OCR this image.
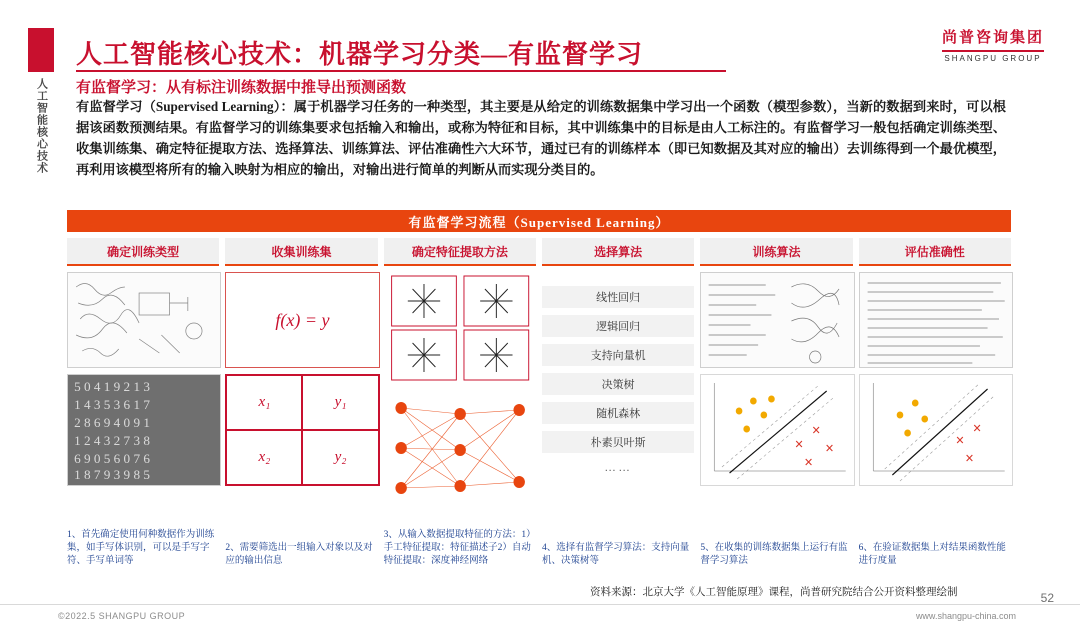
人工智能核心技术
人工智能核心技术：机器学习分类—有监督学习
有监督学习：从有标注训练数据中推导出预测函数
尚普咨询集团
SHANGPU GROUP
有监督学习（Supervised Learning）：属于机器学习任务的一种类型，其主要是从给定的训练数据集中学习出一个函数（模型参数），当新的数据到来时，可以根据该函数预测结果。有监督学习的训练集要求包括输入和输出，或称为特征和目标，其中训练集中的目标是由人工标注的。有监督学习一般包括确定训练类型、收集训练集、确定特征提取方法、选择算法、训练算法、评估准确性六大环节，通过已有的训练样本（即已知数据及其对应的输出）去训练得到一个最优模型，再利用该模型将所有的输入映射为相应的输出，对输出进行简单的判断从而实现分类目的。
有监督学习流程（Supervised Learning）
确定训练类型
5 0 4 1 9 2 1 3
1 4 3 5 3 6 1 7
2 8 6 9 4 0 9 1
1 2 4 3 2 7 3 8
6 9 0 5 6 0 7 6
1 8 7 9 3 9 8 5
1、首先确定使用何种数据作为训练集，如手写体识别，可以是手写字符、手写单词等
收集训练集
f(x) = y
x₁	y₁
x₂	y₂
2、需要筛选出一组输入对象以及对应的输出信息
确定特征提取方法
3、从输入数据提取特征的方法：1）手工特征提取：特征描述子2）自动特征提取：深度神经网络
选择算法
线性回归
逻辑回归
支持向量机
决策树
随机森林
朴素贝叶斯
……
4、选择有监督学习算法：支持向量机、决策树等
训练算法
5、在收集的训练数据集上运行有监督学习算法
评估准确性
6、在验证数据集上对结果函数性能进行度量
资料来源：北京大学《人工智能原理》课程，尚普研究院结合公开资料整理绘制
©2022.5 SHANGPU GROUP	www.shangpu-china.com
52
